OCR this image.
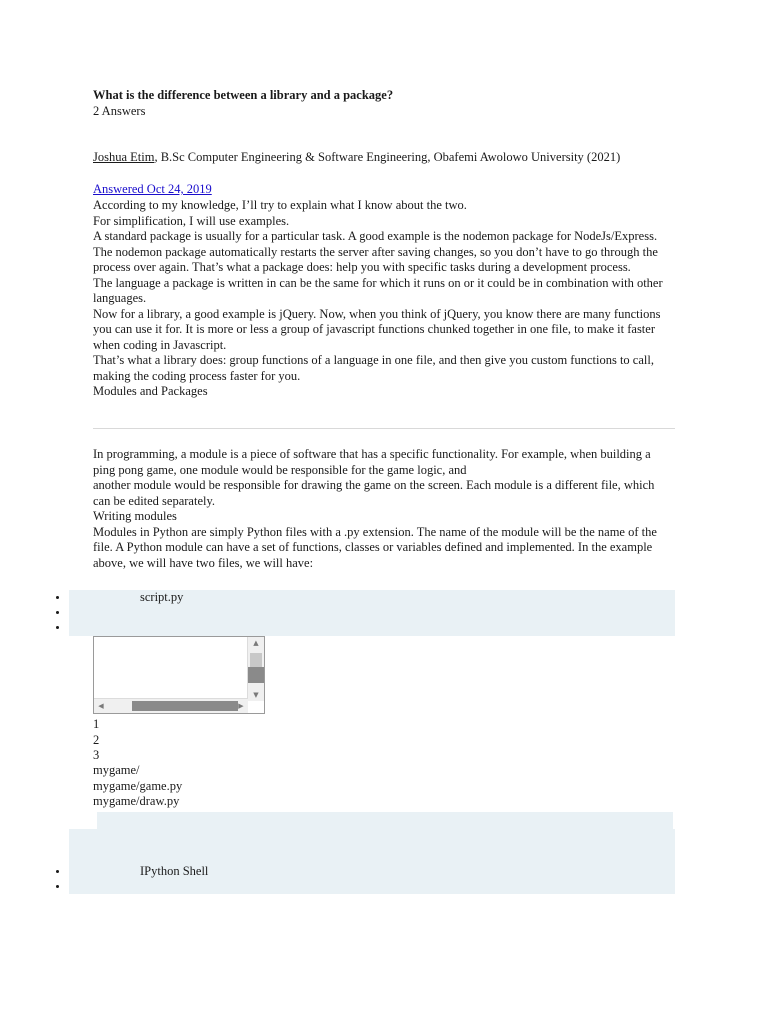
What is the difference between a library and a package?
2 Answers
Joshua Etim, B.Sc Computer Engineering & Software Engineering, Obafemi Awolowo University (2021)
Answered Oct 24, 2019

According to my knowledge, I’ll try to explain what I know about the two.

For simplification, I will use examples.

A standard package is usually for a particular task. A good example is the nodemon package for NodeJs/Express.

The nodemon package automatically restarts the server after saving changes, so you don’t have to go through the process over again. That’s what a package does: help you with specific tasks during a development process.

The language a package is written in can be the same for which it runs on or it could be in combination with other languages.

Now for a library, a good example is jQuery. Now, when you think of jQuery, you know there are many functions you can use it for. It is more or less a group of javascript functions chunked together in one file, to make it faster when coding in Javascript.

That’s what a library does: group functions of a language in one file, and then give you custom functions to call, making the coding process faster for you.

Modules and Packages

In programming, a module is a piece of software that has a specific functionality. For example, when building a ping pong game, one module would be responsible for the game logic, and

another module would be responsible for drawing the game on the screen. Each module is a different file, which can be edited separately.

Writing modules

Modules in Python are simply Python files with a .py extension. The name of the module will be the name of the file. A Python module can have a set of functions, classes or variables defined and implemented. In the example above, we will have two files, we will have:

•
•
•
script.py
▲
▼
◀	▶
1
2
3
mygame/
mygame/game.py
mygame/draw.py
•
•
IPython Shell
